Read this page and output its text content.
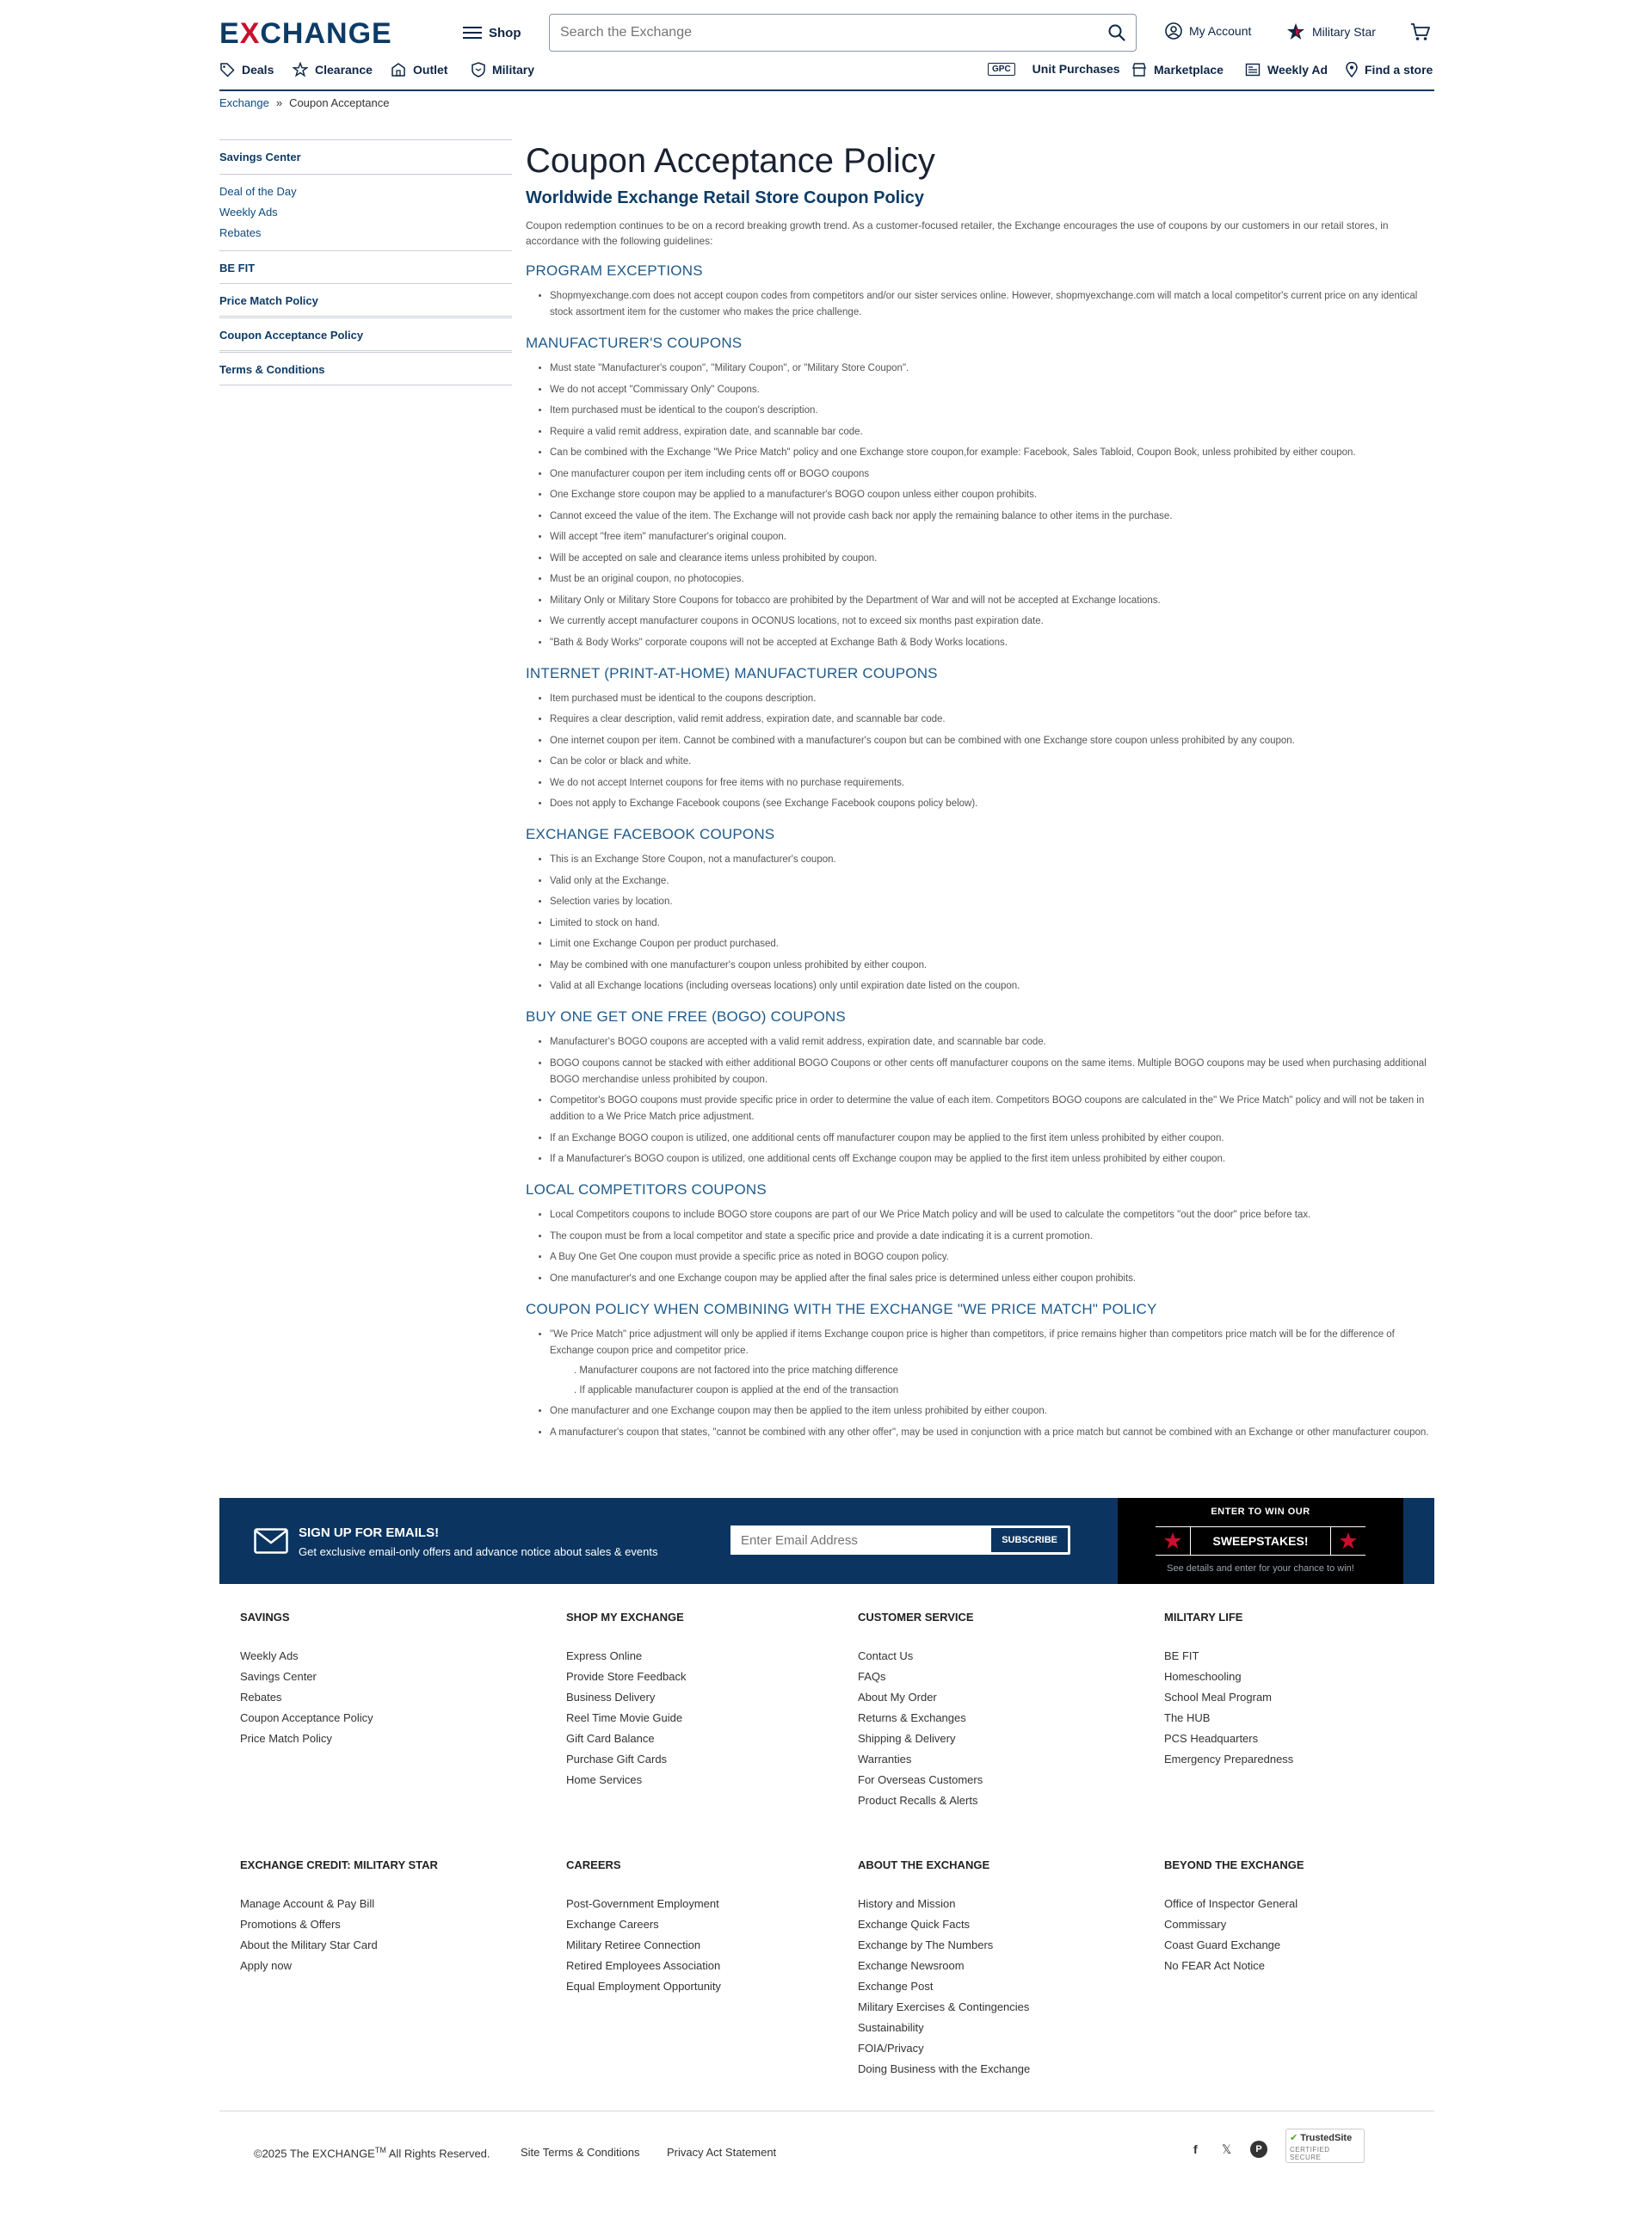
EXCHANGE	Shop
Search the Exchange	My Account	Military Star
Deals	Clearance	Outlet	Military	GPC	Unit Purchases	Marketplace	Weekly Ad	Find a store
Exchange » Coupon Acceptance
Savings Center
Deal of the Day
Weekly Ads
Rebates
BE FIT
Price Match Policy
Coupon Acceptance Policy
Terms & Conditions
Coupon Acceptance Policy
Worldwide Exchange Retail Store Coupon Policy

Coupon redemption continues to be on a record breaking growth trend. As a customer-focused retailer, the Exchange encourages the use of coupons by our customers in our retail stores, in accordance with the following guidelines:

PROGRAM EXCEPTIONS
• Shopmyexchange.com does not accept coupon codes from competitors and/or our sister services online. However, shopmyexchange.com will match a local competitor's current price on any identical stock assortment item for the customer who makes the price challenge.
MANUFACTURER'S COUPONS
• Must state "Manufacturer's coupon", "Military Coupon", or "Military Store Coupon".
• We do not accept "Commissary Only" Coupons.
• Item purchased must be identical to the coupon's description.
• Require a valid remit address, expiration date, and scannable bar code.
• Can be combined with the Exchange "We Price Match" policy and one Exchange store coupon,for example: Facebook, Sales Tabloid, Coupon Book, unless prohibited by either coupon.
• One manufacturer coupon per item including cents off or BOGO coupons
• One Exchange store coupon may be applied to a manufacturer's BOGO coupon unless either coupon prohibits.
• Cannot exceed the value of the item. The Exchange will not provide cash back nor apply the remaining balance to other items in the purchase.
• Will accept "free item" manufacturer's original coupon.
• Will be accepted on sale and clearance items unless prohibited by coupon.
• Must be an original coupon, no photocopies.
• Military Only or Military Store Coupons for tobacco are prohibited by the Department of War and will not be accepted at Exchange locations.
• We currently accept manufacturer coupons in OCONUS locations, not to exceed six months past expiration date.
• "Bath & Body Works" corporate coupons will not be accepted at Exchange Bath & Body Works locations.
INTERNET (PRINT-AT-HOME) MANUFACTURER COUPONS
• Item purchased must be identical to the coupons description.
• Requires a clear description, valid remit address, expiration date, and scannable bar code.
• One internet coupon per item. Cannot be combined with a manufacturer's coupon but can be combined with one Exchange store coupon unless prohibited by any coupon.
• Can be color or black and white.
• We do not accept Internet coupons for free items with no purchase requirements.
• Does not apply to Exchange Facebook coupons (see Exchange Facebook coupons policy below).
EXCHANGE FACEBOOK COUPONS
• This is an Exchange Store Coupon, not a manufacturer's coupon.
• Valid only at the Exchange.
• Selection varies by location.
• Limited to stock on hand.
• Limit one Exchange Coupon per product purchased.
• May be combined with one manufacturer's coupon unless prohibited by either coupon.
• Valid at all Exchange locations (including overseas locations) only until expiration date listed on the coupon.
BUY ONE GET ONE FREE (BOGO) COUPONS
• Manufacturer's BOGO coupons are accepted with a valid remit address, expiration date, and scannable bar code.
• BOGO coupons cannot be stacked with either additional BOGO Coupons or other cents off manufacturer coupons on the same items. Multiple BOGO coupons may be used when purchasing additional BOGO merchandise unless prohibited by coupon.
• Competitor's BOGO coupons must provide specific price in order to determine the value of each item. Competitors BOGO coupons are calculated in the" We Price Match" policy and will not be taken in addition to a We Price Match price adjustment.
• If an Exchange BOGO coupon is utilized, one additional cents off manufacturer coupon may be applied to the first item unless prohibited by either coupon.
• If a Manufacturer's BOGO coupon is utilized, one additional cents off Exchange coupon may be applied to the first item unless prohibited by either coupon.
LOCAL COMPETITORS COUPONS
• Local Competitors coupons to include BOGO store coupons are part of our We Price Match policy and will be used to calculate the competitors "out the door" price before tax.
• The coupon must be from a local competitor and state a specific price and provide a date indicating it is a current promotion.
• A Buy One Get One coupon must provide a specific price as noted in BOGO coupon policy.
• One manufacturer's and one Exchange coupon may be applied after the final sales price is determined unless either coupon prohibits.
COUPON POLICY WHEN COMBINING WITH THE EXCHANGE "WE PRICE MATCH" POLICY
• "We Price Match" price adjustment will only be applied if items Exchange coupon price is higher than competitors, if price remains higher than competitors price match will be for the difference of Exchange coupon price and competitor price.
. Manufacturer coupons are not factored into the price matching difference
. If applicable manufacturer coupon is applied at the end of the transaction
• One manufacturer and one Exchange coupon may then be applied to the item unless prohibited by either coupon.
• A manufacturer's coupon that states, "cannot be combined with any other offer", may be used in conjunction with a price match but cannot be combined with an Exchange or other manufacturer coupon.
SIGN UP FOR EMAILS!
Get exclusive email-only offers and advance notice about sales & events
Enter Email Address
SUBSCRIBE
ENTER TO WIN OUR
SWEEPSTAKES!
See details and enter for your chance to win!
SAVINGS
Weekly Ads
Savings Center
Rebates
Coupon Acceptance Policy
Price Match Policy
SHOP MY EXCHANGE
Express Online
Provide Store Feedback
Business Delivery
Reel Time Movie Guide
Gift Card Balance
Purchase Gift Cards
Home Services
CUSTOMER SERVICE
Contact Us
FAQs
About My Order
Returns & Exchanges
Shipping & Delivery
Warranties
For Overseas Customers
Product Recalls & Alerts
MILITARY LIFE
BE FIT
Homeschooling
School Meal Program
The HUB
PCS Headquarters
Emergency Preparedness
EXCHANGE CREDIT: MILITARY STAR
Manage Account & Pay Bill
Promotions & Offers
About the Military Star Card
Apply now
CAREERS
Post-Government Employment
Exchange Careers
Military Retiree Connection
Retired Employees Association
Equal Employment Opportunity
ABOUT THE EXCHANGE
History and Mission
Exchange Quick Facts
Exchange by The Numbers
Exchange Newsroom
Exchange Post
Military Exercises & Contingencies
Sustainability
FOIA/Privacy
Doing Business with the Exchange
BEYOND THE EXCHANGE
Office of Inspector General
Commissary
Coast Guard Exchange
No FEAR Act Notice
©2025 The EXCHANGE™ All Rights Reserved.	Site Terms & Conditions Privacy Act Statement	f 𝕏	P
✔ TrustedSite
CERTIFIED SECURE
